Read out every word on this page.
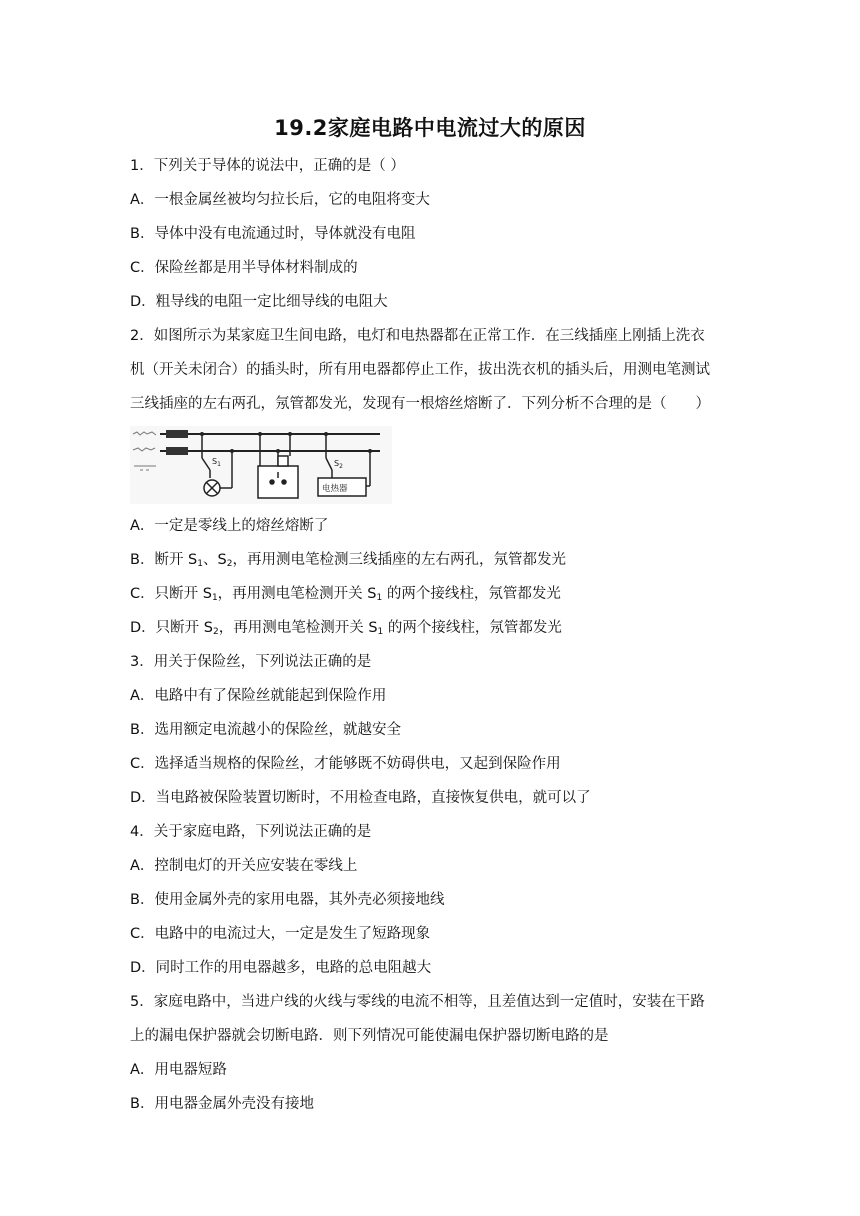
19.2家庭电路中电流过大的原因
1．下列关于导体的说法中，正确的是（ ）
A．一根金属丝被均匀拉长后，它的电阻将变大
B．导体中没有电流通过时，导体就没有电阻
C．保险丝都是用半导体材料制成的
D．粗导线的电阻一定比细导线的电阻大
2．如图所示为某家庭卫生间电路，电灯和电热器都在正常工作．在三线插座上刚插上洗衣
机（开关未闭合）的插头时，所有用电器都停止工作，拔出洗衣机的插头后，用测电笔测试
三线插座的左右两孔，氖管都发光，发现有一根熔丝熔断了．下列分析不合理的是（　　）
$S_1$	$S_2$
电热器
A．一定是零线上的熔丝熔断了
B．断开 $S_1$、$S_2$，再用测电笔检测三线插座的左右两孔，氖管都发光
C．只断开 $S_1$，再用测电笔检测开关 $S_1$ 的两个接线柱，氖管都发光
D．只断开 $S_2$，再用测电笔检测开关 $S_1$ 的两个接线柱，氖管都发光
3．用关于保险丝，下列说法正确的是
A．电路中有了保险丝就能起到保险作用
B．选用额定电流越小的保险丝，就越安全
C．选择适当规格的保险丝，才能够既不妨碍供电，又起到保险作用
D．当电路被保险装置切断时，不用检查电路，直接恢复供电，就可以了
4．关于家庭电路，下列说法正确的是
A．控制电灯的开关应安装在零线上
B．使用金属外壳的家用电器，其外壳必须接地线
C．电路中的电流过大，一定是发生了短路现象
D．同时工作的用电器越多，电路的总电阻越大
5．家庭电路中，当进户线的火线与零线的电流不相等，且差值达到一定值时，安装在干路
上的漏电保护器就会切断电路．则下列情况可能使漏电保护器切断电路的是
A．用电器短路
B．用电器金属外壳没有接地
